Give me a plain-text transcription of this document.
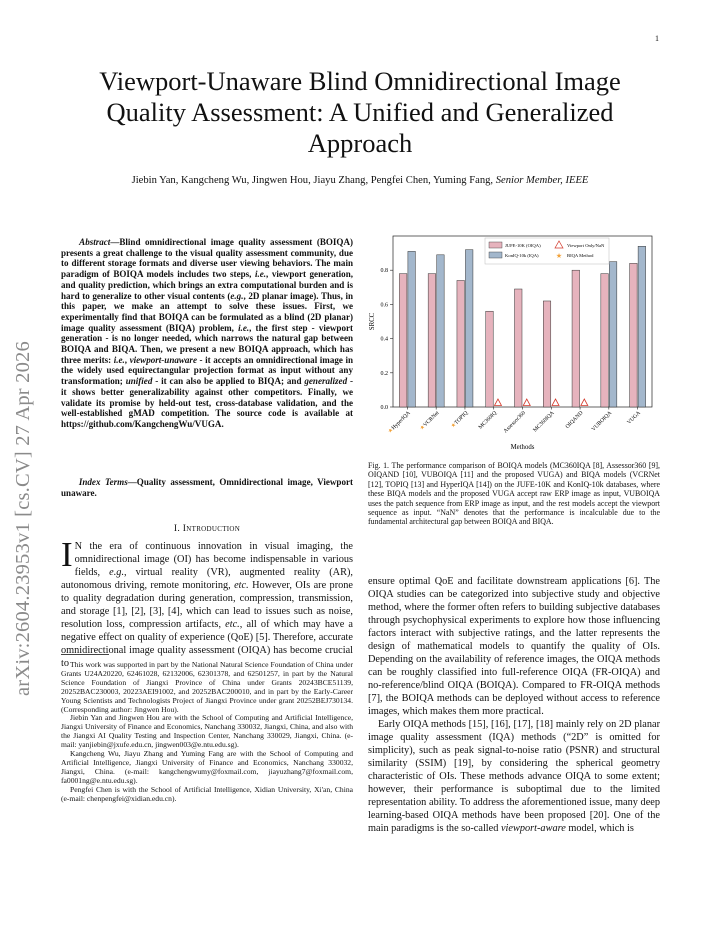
1
arXiv:2604.23953v1 [cs.CV] 27 Apr 2026
Viewport-Unaware Blind Omnidirectional Image Quality Assessment: A Unified and Generalized Approach
Jiebin Yan, Kangcheng Wu, Jingwen Hou, Jiayu Zhang, Pengfei Chen, Yuming Fang, Senior Member, IEEE
Abstract—Blind omnidirectional image quality assessment (BOIQA) presents a great challenge to the visual quality assessment community, due to different storage formats and diverse user viewing behaviors. The main paradigm of BOIQA models includes two steps, i.e., viewport generation, and quality prediction, which brings an extra computational burden and is hard to generalize to other visual contents (e.g., 2D planar image). Thus, in this paper, we make an attempt to solve these issues. First, we experimentally find that BOIQA can be formulated as a blind (2D planar) image quality assessment (BIQA) problem, i.e., the first step - viewport generation - is no longer needed, which narrows the natural gap between BOIQA and BIQA. Then, we present a new BOIQA approach, which has three merits: i.e., viewport-unaware - it accepts an omnidirectional image in the widely used equirectangular projection format as input without any transformation; unified - it can also be applied to BIQA; and generalized - it shows better generalizability against other competitors. Finally, we validate its promise by held-out test, cross-database validation, and the well-established gMAD competition. The source code is available at https://github.com/KangchengWu/VUGA.
Index Terms—Quality assessment, Omnidirectional image, Viewport unaware.
I. Introduction
I N the era of continuous innovation in visual imaging, the omnidirectional image (OI) has become indispensable in various fields, e.g., virtual reality (VR), augmented reality (AR), autonomous driving, remote monitoring, etc. However, OIs are prone to quality degradation during generation, compression, transmission, and storage [1], [2], [3], [4], which can lead to issues such as noise, resolution loss, compression artifacts, etc., all of which may have a negative effect on quality of experience (QoE) [5]. Therefore, accurate omnidirectional image quality assessment (OIQA) has become crucial to This work was supported in part by the National Natural Science Foundation of China under Grants U24A20220, 62461028, 62132006, 62301378, and 62501257, in part by the Natural Science Foundation of Jiangxi Province of China under Grants 20243BCE51139, 20252BAC230003, 20223AEI91002, and 20252BAC200010, and in part by the Early-Career Young Scientists and Technologists Project of Jiangxi Province under grant 20252BEJ730134. (Corresponding author: Jingwen Hou).

Jiebin Yan and Jingwen Hou are with the School of Computing and Artificial Intelligence, Jiangxi University of Finance and Economics, Nanchang 330032, Jiangxi, China, and also with the Jiangxi AI Quality Testing and Inspection Center, Nanchang 330029, Jiangxi, China. (e-mail: yanjiebin@jxufe.edu.cn, jingwen003@e.ntu.edu.sg).

Kangcheng Wu, Jiayu Zhang and Yuming Fang are with the School of Computing and Artificial Intelligence, Jiangxi University of Finance and Economics, Nanchang 330032, Jiangxi, China. (e-mail: kangchengwumy@foxmail.com, jiayuzhang7@foxmail.com, fa0001ng@e.ntu.edu.sg).

Pengfei Chen is with the School of Artificial Intelligence, Xidian University, Xi'an, China (e-mail: chenpengfei@xidian.edu.cn).

0.0
0.2
0.4
0.6
0.8
★HyperIQA ★VCRNet ★TOPIQ MC360IQ Assessor360 MC360IQA OIQAND VUBOIQA VUGA
Methods
SRCC
JUFE-10K (OIQA)
KonIQ-10k (IQA)
Viewport Only/NaN
★ BIQA Method
Fig. 1. The performance comparison of BOIQA models (MC360IQA [8], Assessor360 [9], OIQAND [10], VUBOIQA [11] and the proposed VUGA) and BIQA models (VCRNet [12], TOPIQ [13] and HyperIQA [14]) on the JUFE-10K and KonIQ-10k databases, where these BIQA models and the proposed VUGA accept raw ERP image as input, VUBOIQA uses the patch sequence from ERP image as input, and the rest models accept the viewport sequence as input. “NaN” denotes that the performance is incalculable due to the fundamental architectural gap between BOIQA and BIQA.

ensure optimal QoE and facilitate downstream applications [6]. The OIQA studies can be categorized into subjective study and objective method, where the former often refers to building subjective databases through psychophysical experiments to explore how those influencing factors interact with subjective ratings, and the latter represents the design of mathematical models to quantify the quality of OIs. Depending on the availability of reference images, the OIQA methods can be roughly classified into full-reference OIQA (FR-OIQA) and no-reference/blind OIQA (BOIQA). Compared to FR-OIQA methods [7], the BOIQA methods can be deployed without access to reference images, which makes them more practical.

Early OIQA methods [15], [16], [17], [18] mainly rely on 2D planar image quality assessment (IQA) methods (“2D” is omitted for simplicity), such as peak signal-to-noise ratio (PSNR) and structural similarity (SSIM) [19], by considering the spherical geometry characteristic of OIs. These methods advance OIQA to some extent; however, their performance is suboptimal due to the limited representation ability. To address the aforementioned issue, many deep learning-based OIQA methods have been proposed [20]. One of the main paradigms is the so-called viewport-aware model, which is
